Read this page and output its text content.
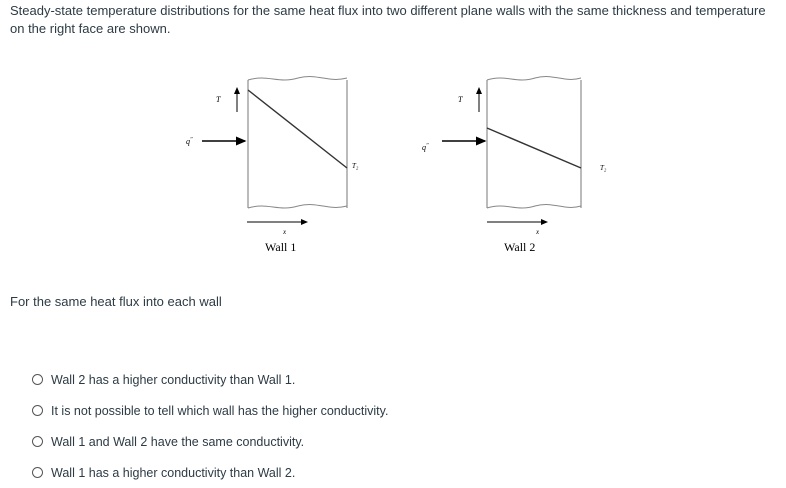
Steady-state temperature distributions for the same heat flux into two different plane walls with the same thickness and temperature on the right face are shown.

T
q″
T₂
x
Wall 1
T
q″
T₂
x
Wall 2

For the same heat flux into each wall

Wall 2 has a higher conductivity than Wall 1.
It is not possible to tell which wall has the higher conductivity.
Wall 1 and Wall 2 have the same conductivity.
Wall 1 has a higher conductivity than Wall 2.
